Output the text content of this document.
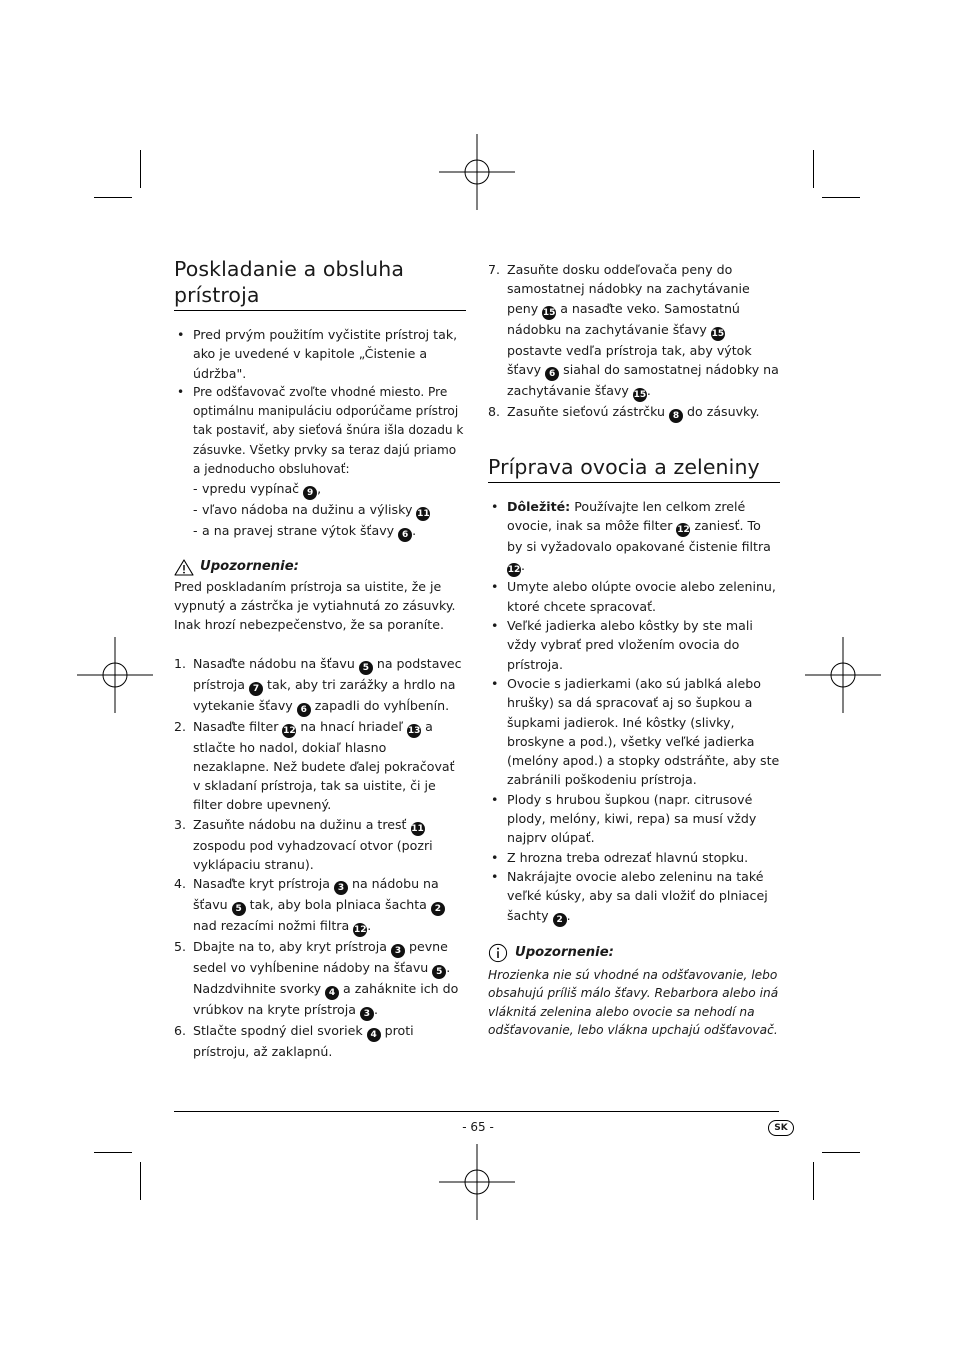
Poskladanie a obsluha prístroja
• Pred prvým použitím vyčistite prístroj tak, ako je uvedené v kapitole „Čistenie a údržba".
• Pre odšťavovač zvoľte vhodné miesto. Pre optimálnu manipuláciu odporúčame prístroj tak postaviť, aby sieťová šnúra išla dozadu k zásuvke. Všetky prvky sa teraz dajú priamo a jednoducho obsluhovať:
- vpredu vypínač 9 ,
- vľavo nádoba na dužinu a výlisky 11
- a na pravej strane výtok šťavy 6 .
Upozornenie:
Pred poskladaním prístroja sa uistite, že je vypnutý a zástrčka je vytiahnutá zo zásuvky. Inak hrozí nebezpečenstvo, že sa poraníte.
1. Nasaďte nádobu na šťavu 5 na podstavec prístroja 7 tak, aby tri zarážky a hrdlo na vytekanie šťavy 6 zapadli do vyhĺbenín.
2. Nasaďte filter 12 na hnací hriadeľ 13 a stlačte ho nadol, dokiaľ hlasno nezaklapne. Než budete ďalej pokračovať v skladaní prístroja, tak sa uistite, či je filter dobre upevnený.
3. Zasuňte nádobu na dužinu a tresť 11 zospodu pod vyhadzovací otvor (pozri vyklápaciu stranu).
4. Nasaďte kryt prístroja 3 na nádobu na šťavu 5 tak, aby bola plniaca šachta 2 nad rezacími nožmi filtra 12.
5. Dbajte na to, aby kryt prístroja 3 pevne sedel vo vyhĺbenine nádoby na šťavu 5 . Nadzdvihnite svorky 4 a zaháknite ich do vrúbkov na kryte prístroja 3 .
6. Stlačte spodný diel svoriek 4 proti prístroju, až zaklapnú.
7. Zasuňte dosku oddeľovača peny do samostatnej nádobky na zachytávanie peny 15 a nasaďte veko. Samostatnú nádobku na zachytávanie šťavy 15 postavte vedľa prístroja tak, aby výtok šťavy 6 siahal do samostatnej nádobky na zachytávanie šťavy 15.
8. Zasuňte sieťovú zástrčku 8 do zásuvky.
Príprava ovocia a zeleniny
• Dôležité: Používajte len celkom zrelé ovocie, inak sa môže filter 12 zaniesť. To by si vyžadovalo opakované čistenie filtra 12.
• Umyte alebo olúpte ovocie alebo zeleninu, ktoré chcete spracovať.
• Veľké jadierka alebo kôstky by ste mali vždy vybrať pred vložením ovocia do prístroja.
• Ovocie s jadierkami (ako sú jablká alebo hrušky) sa dá spracovať aj so šupkou a šupkami jadierok. Iné kôstky (slivky, broskyne a pod.), všetky veľké jadierka (melóny apod.) a stopky odstráňte, aby ste zabránili poškodeniu prístroja.
• Plody s hrubou šupkou (napr. citrusové plody, melóny, kiwi, repa) sa musí vždy najprv olúpať.
• Z hrozna treba odrezať hlavnú stopku.
• Nakrájajte ovocie alebo zeleninu na také veľké kúsky, aby sa dali vložiť do plniacej šachty 2 .
Upozornenie:
Hrozienka nie sú vhodné na odšťavovanie, lebo obsahujú príliš málo šťavy. Rebarbora alebo iná vláknitá zelenina alebo ovocie sa nehodí na odšťavovanie, lebo vlákna upchajú odšťavovač.
- 65 -	SK
